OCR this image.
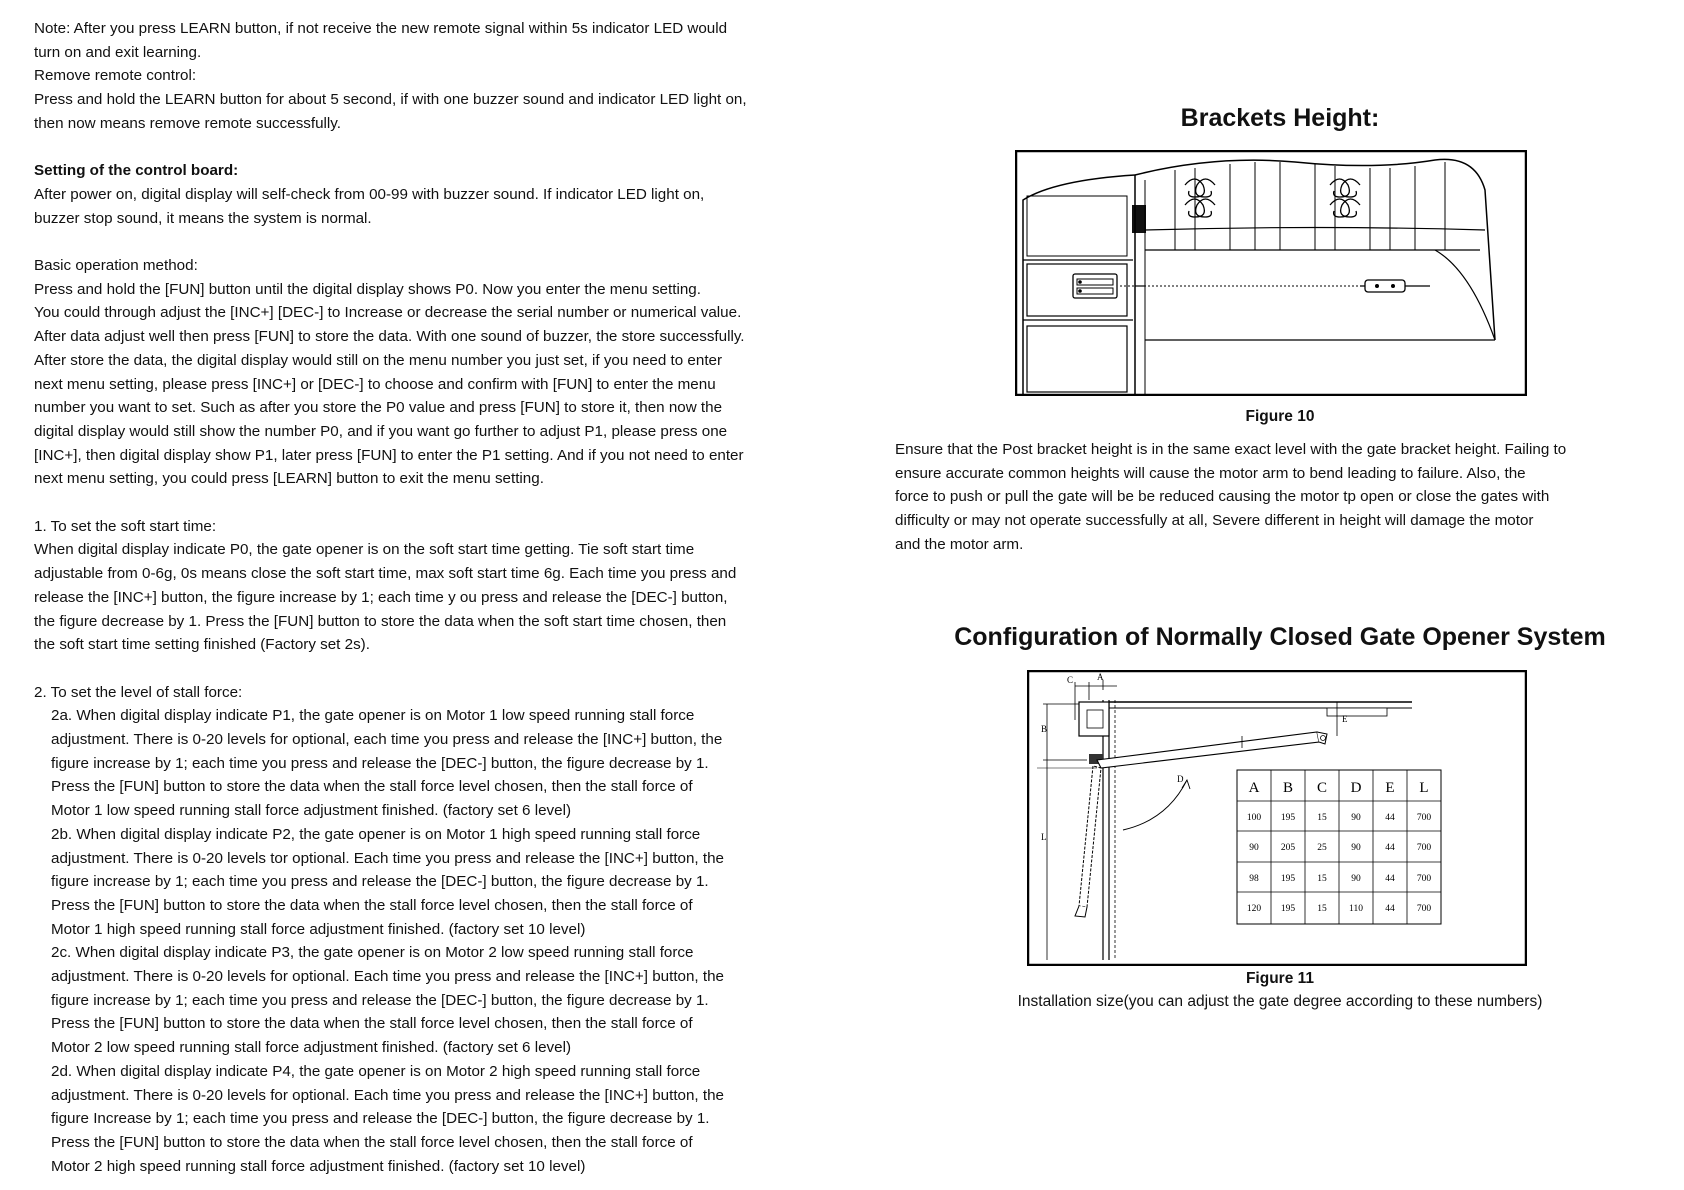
Note: After you press LEARN button, if not receive the new remote signal within 5s indicator LED would

turn on and exit learning.

Remove remote control:

Press and hold the LEARN button for about 5 second, if with one buzzer sound and indicator LED light on,

then now means remove remote successfully.

Setting of the control board:

After power on, digital display will self-check from 00-99 with buzzer sound. If indicator LED light on,

buzzer stop sound, it means the system is normal.

Basic operation method:

Press and hold the [FUN] button until the digital display shows P0. Now you enter the menu setting.

You could through adjust the [INC+] [DEC-] to Increase or decrease the serial number or numerical value.

After data adjust well then press [FUN] to store the data. With one sound of buzzer, the store successfully.

After store the data, the digital display would still on the menu number you just set, if you need to enter

next menu setting, please press [INC+] or [DEC-] to choose and confirm with [FUN] to enter the menu

number you want to set. Such as after you store the P0 value and press [FUN] to store it, then now the

digital display would still show the number P0, and if you want go further to adjust P1, please press one

[INC+], then digital display show P1, later press [FUN] to enter the P1 setting. And if you not need to enter

next menu setting, you could press [LEARN] button to exit the menu setting.

1. To set the soft start time:

When digital display indicate P0, the gate opener is on the soft start time getting. Tie soft start time

adjustable from 0-6g, 0s means close the soft start time, max soft start time 6g. Each time you press and

release the [INC+] button, the figure increase by 1; each time y ou press and release the [DEC-] button,

the figure decrease by 1. Press the [FUN] button to store the data when the soft start time chosen, then

the soft start time setting finished (Factory set 2s).

2. To set the level of stall force:

2a. When digital display indicate P1, the gate opener is on Motor 1 low speed running stall force

adjustment. There is 0-20 levels for optional, each time you press and release the [INC+] button, the

figure increase by 1; each time you press and release the [DEC-] button, the figure decrease by 1.

Press the [FUN] button to store the data when the stall force level chosen, then the stall force of

Motor 1 low speed running stall force adjustment finished. (factory set 6 level)

2b. When digital display indicate P2, the gate opener is on Motor 1 high speed running stall force

adjustment. There is 0-20 levels tor optional. Each time you press and release the [INC+] button, the

figure increase by 1; each time you press and release the [DEC-] button, the figure decrease by 1.

Press the [FUN] button to store the data when the stall force level chosen, then the stall force of

Motor 1 high speed running stall force adjustment finished. (factory set 10 level)

2c. When digital display indicate P3, the gate opener is on Motor 2 low speed running stall force

adjustment. There is 0-20 levels for optional. Each time you press and release the [INC+] button, the

figure increase by 1; each time you press and release the [DEC-] button, the figure decrease by 1.

Press the [FUN] button to store the data when the stall force level chosen, then the stall force of

Motor 2 low speed running stall force adjustment finished. (factory set 6 level)

2d. When digital display indicate P4, the gate opener is on Motor 2 high speed running stall force

adjustment. There is 0-20 levels for optional. Each time you press and release the [INC+] button, the

figure Increase by 1; each time you press and release the [DEC-] button, the figure decrease by 1.

Press the [FUN] button to store the data when the stall force level chosen, then the stall force of

Motor 2 high speed running stall force adjustment finished. (factory set 10 level)

Brackets Height:
Figure 10

Ensure that the Post bracket height is in the same exact level with the gate bracket height. Failing to

ensure accurate common heights will cause the motor arm to bend leading to failure. Also, the

force to push or pull the gate will be be reduced causing the motor tp open or close the gates with

difficulty or may not operate successfully at all, Severe different in height will damage the motor

and the motor arm.

Configuration of Normally Closed Gate Opener System
C	A
B
L
E
D
A B C D E L
100 195 15	90	44 700
90 205 25	90	44 700
98 195 15	90	44 700
120 195 15 110 44 700
Figure 11
Installation size(you can adjust the gate degree according to these numbers)
